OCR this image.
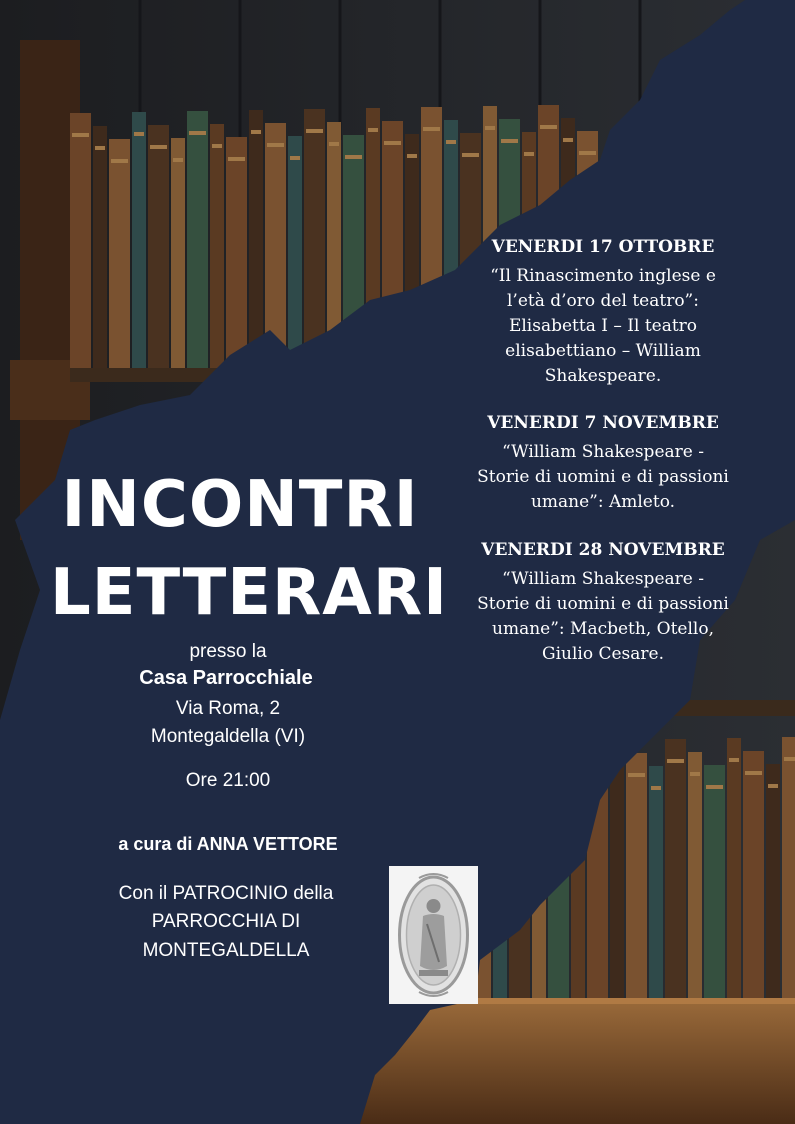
INCONTRI
LETTERARI
presso la
Casa Parrocchiale
Via Roma, 2
Montegaldella (VI)
Ore 21:00
a cura di ANNA VETTORE
Con il PATROCINIO della
PARROCCHIA DI
MONTEGALDELLA
VENERDI 17 OTTOBRE
“Il Rinascimento inglese e
l’età d’oro del teatro”:
Elisabetta I – Il teatro
elisabettiano – William
Shakespeare.
VENERDI 7 NOVEMBRE
“William Shakespeare -
Storie di uomini e di passioni
umane”: Amleto.
VENERDI 28 NOVEMBRE
“William Shakespeare -
Storie di uomini e di passioni
umane”: Macbeth, Otello,
Giulio Cesare.
